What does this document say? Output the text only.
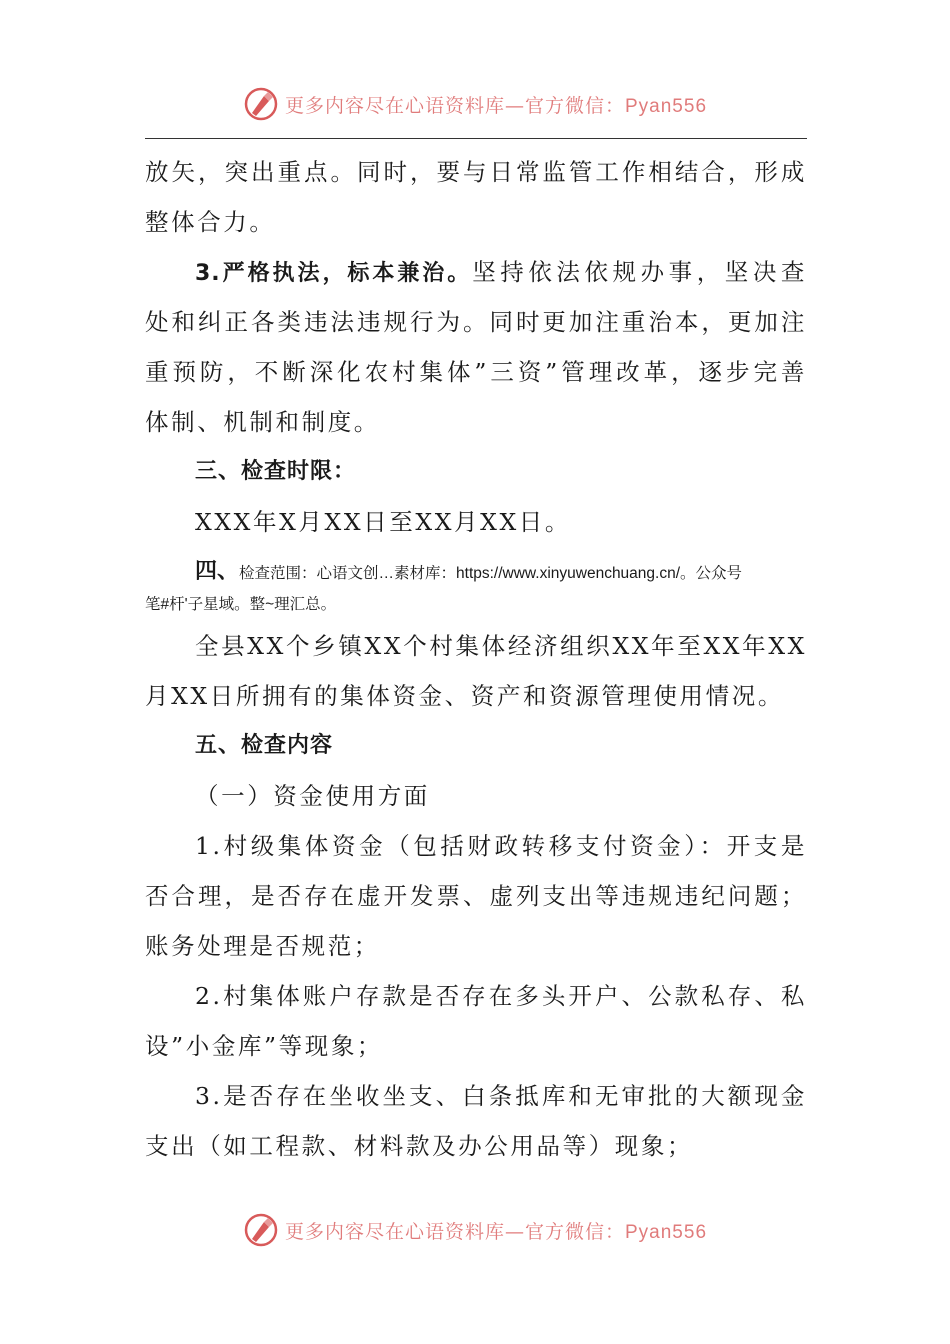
更多内容尽在心语资料库—官方微信：Pyan556
放矢，突出重点。同时，要与日常监管工作相结合，形成
整体合力。
3.严格执法，标本兼治。坚持依法依规办事，坚决查
处和纠正各类违法违规行为。同时更加注重治本，更加注
重预防，不断深化农村集体”三资”管理改革，逐步完善
体制、机制和制度。
三、检查时限：
XXX年X月XX日至XX月XX日。
四、检查范围：心语文创…素材库：https://www.xinyuwenchuang.cn/。公众号
笔#杆'子星域。整~理汇总。
全县XX个乡镇XX个村集体经济组织XX年至XX年XX
月XX日所拥有的集体资金、资产和资源管理使用情况。
五、检查内容
（一）资金使用方面
1.村级集体资金（包括财政转移支付资金）：开支是
否合理，是否存在虚开发票、虚列支出等违规违纪问题；
账务处理是否规范；
2.村集体账户存款是否存在多头开户、公款私存、私
设”小金库”等现象；
3.是否存在坐收坐支、白条抵库和无审批的大额现金
支出（如工程款、材料款及办公用品等）现象；
更多内容尽在心语资料库—官方微信：Pyan556
